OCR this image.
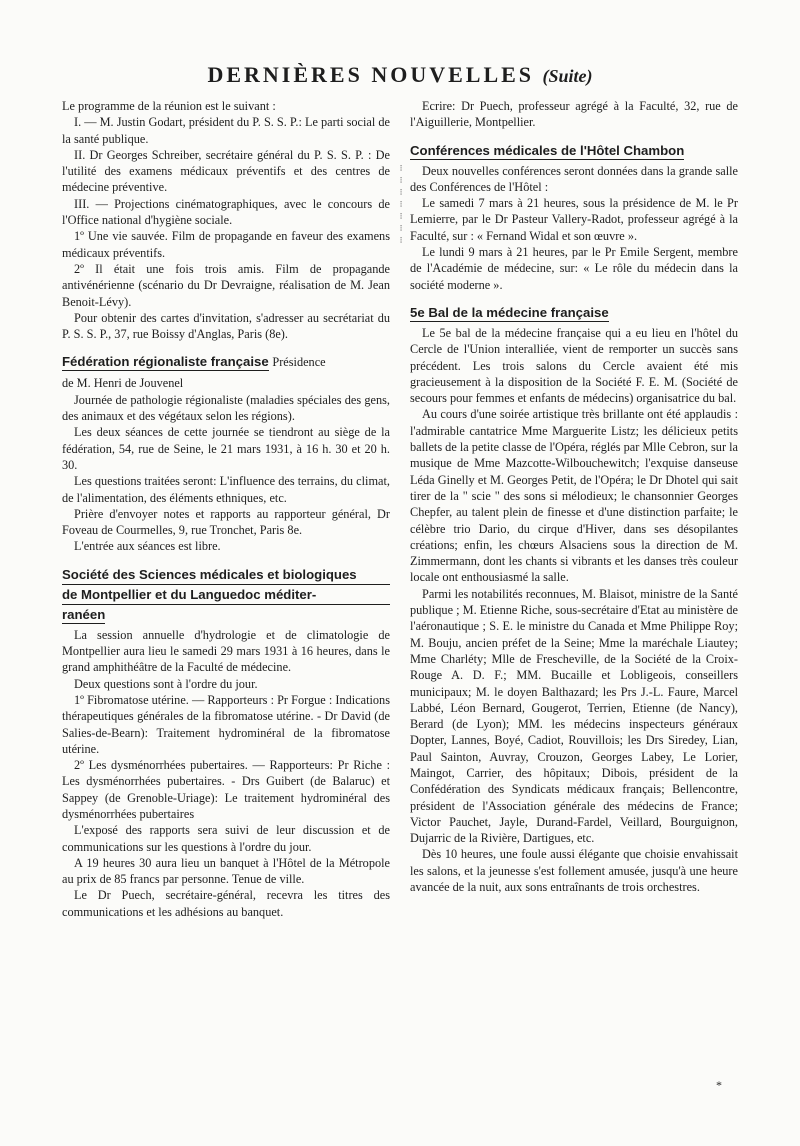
DERNIÈRES NOUVELLES (Suite)

Le programme de la réunion est le suivant :

I. — M. Justin Godart, président du P. S. S. P.: Le parti social de la santé publique.

II. Dr Georges Schreiber, secrétaire général du P. S. S. P. : De l'utilité des examens médicaux préventifs et des centres de médecine préventive.

III. — Projections cinématographiques, avec le concours de l'Office national d'hygiène sociale.

1º Une vie sauvée. Film de propagande en faveur des examens médicaux préventifs.

2º Il était une fois trois amis. Film de propagande antivénérienne (scénario du Dr Devraigne, réalisation de M. Jean Benoit-Lévy).

Pour obtenir des cartes d'invitation, s'adresser au secrétariat du P. S. S. P., 37, rue Boissy d'Anglas, Paris (8e).

Fédération régionaliste française Présidence

de M. Henri de Jouvenel

Journée de pathologie régionaliste (maladies spéciales des gens, des animaux et des végétaux selon les régions).

Les deux séances de cette journée se tiendront au siège de la fédération, 54, rue de Seine, le 21 mars 1931, à 16 h. 30 et 20 h. 30.

Les questions traitées seront: L'influence des terrains, du climat, de l'alimentation, des éléments ethniques, etc.

Prière d'envoyer notes et rapports au rapporteur général, Dr Foveau de Courmelles, 9, rue Tronchet, Paris 8e.

L'entrée aux séances est libre.

Société des Sciences médicales et biologiques
de Montpellier et du Languedoc méditer-
ranéen

La session annuelle d'hydrologie et de climatologie de Montpellier aura lieu le samedi 29 mars 1931 à 16 heures, dans le grand amphithéâtre de la Faculté de médecine.

Deux questions sont à l'ordre du jour.

1º Fibromatose utérine. — Rapporteurs : Pr Forgue : Indications thérapeutiques générales de la fibromatose utérine. - Dr David (de Salies-de-Bearn): Traitement hydrominéral de la fibromatose utérine.

2º Les dysménorrhées pubertaires. — Rapporteurs: Pr Riche : Les dysménorrhées pubertaires. - Drs Guibert (de Balaruc) et Sappey (de Grenoble-Uriage): Le traitement hydrominéral des dysménorrhées pubertaires

L'exposé des rapports sera suivi de leur discussion et de communications sur les questions à l'ordre du jour.

A 19 heures 30 aura lieu un banquet à l'Hôtel de la Métropole au prix de 85 francs par personne. Tenue de ville.

Le Dr Puech, secrétaire-général, recevra les titres des communications et les adhésions au banquet.

Ecrire: Dr Puech, professeur agrégé à la Faculté, 32, rue de l'Aiguillerie, Montpellier.

Conférences médicales de l'Hôtel Chambon

Deux nouvelles conférences seront données dans la grande salle des Conférences de l'Hôtel :

Le samedi 7 mars à 21 heures, sous la présidence de M. le Pr Lemierre, par le Dr Pasteur Vallery-Radot, professeur agrégé à la Faculté, sur : « Fernand Widal et son œuvre ».

Le lundi 9 mars à 21 heures, par le Pr Emile Sergent, membre de l'Académie de médecine, sur: « Le rôle du médecin dans la société moderne ».

5e Bal de la médecine française

Le 5e bal de la médecine française qui a eu lieu en l'hôtel du Cercle de l'Union interalliée, vient de remporter un succès sans précédent. Les trois salons du Cercle avaient été mis gracieusement à la disposition de la Société F. E. M. (Société de secours pour femmes et enfants de médecins) organisatrice du bal.

Au cours d'une soirée artistique très brillante ont été applaudis : l'admirable cantatrice Mme Marguerite Listz; les délicieux petits ballets de la petite classe de l'Opéra, réglés par Mlle Cebron, sur la musique de Mme Mazcotte-Wilbouchewitch; l'exquise danseuse Léda Ginelly et M. Georges Petit, de l'Opéra; le Dr Dhotel qui sait tirer de la " scie " des sons si mélodieux; le chansonnier Georges Chepfer, au talent plein de finesse et d'une distinction parfaite; le célèbre trio Dario, du cirque d'Hiver, dans ses désopilantes créations; enfin, les chœurs Alsaciens sous la direction de M. Zimmermann, dont les chants si vibrants et les danses très couleur locale ont enthousiasmé la salle.

Parmi les notabilités reconnues, M. Blaisot, ministre de la Santé publique ; M. Etienne Riche, sous-secrétaire d'Etat au ministère de l'aéronautique ; S. E. le ministre du Canada et Mme Philippe Roy; M. Bouju, ancien préfet de la Seine; Mme la maréchale Liautey; Mme Charléty; Mlle de Frescheville, de la Société de la Croix-Rouge A. D. F.; MM. Bucaille et Lobligeois, conseillers municipaux; M. le doyen Balthazard; les Prs J.-L. Faure, Marcel Labbé, Léon Bernard, Gougerot, Terrien, Etienne (de Nancy), Berard (de Lyon); MM. les médecins inspecteurs généraux Dopter, Lannes, Boyé, Cadiot, Rouvillois; les Drs Siredey, Lian, Paul Sainton, Auvray, Crouzon, Georges Labey, Le Lorier, Maingot, Carrier, des hôpitaux; Dibois, président de la Confédération des Syndicats médicaux français; Bellencontre, président de l'Association générale des médecins de France; Victor Pauchet, Jayle, Durand-Fardel, Veillard, Bourguignon, Dujarric de la Rivière, Dartigues, etc.

Dès 10 heures, une foule aussi élégante que choisie envahissait les salons, et la jeunesse s'est follement amusée, jusqu'à une heure avancée de la nuit, aux sons entraînants de trois orchestres.

⁝
⁝
⁝
⁝
⁝
⁝
⁝
*
